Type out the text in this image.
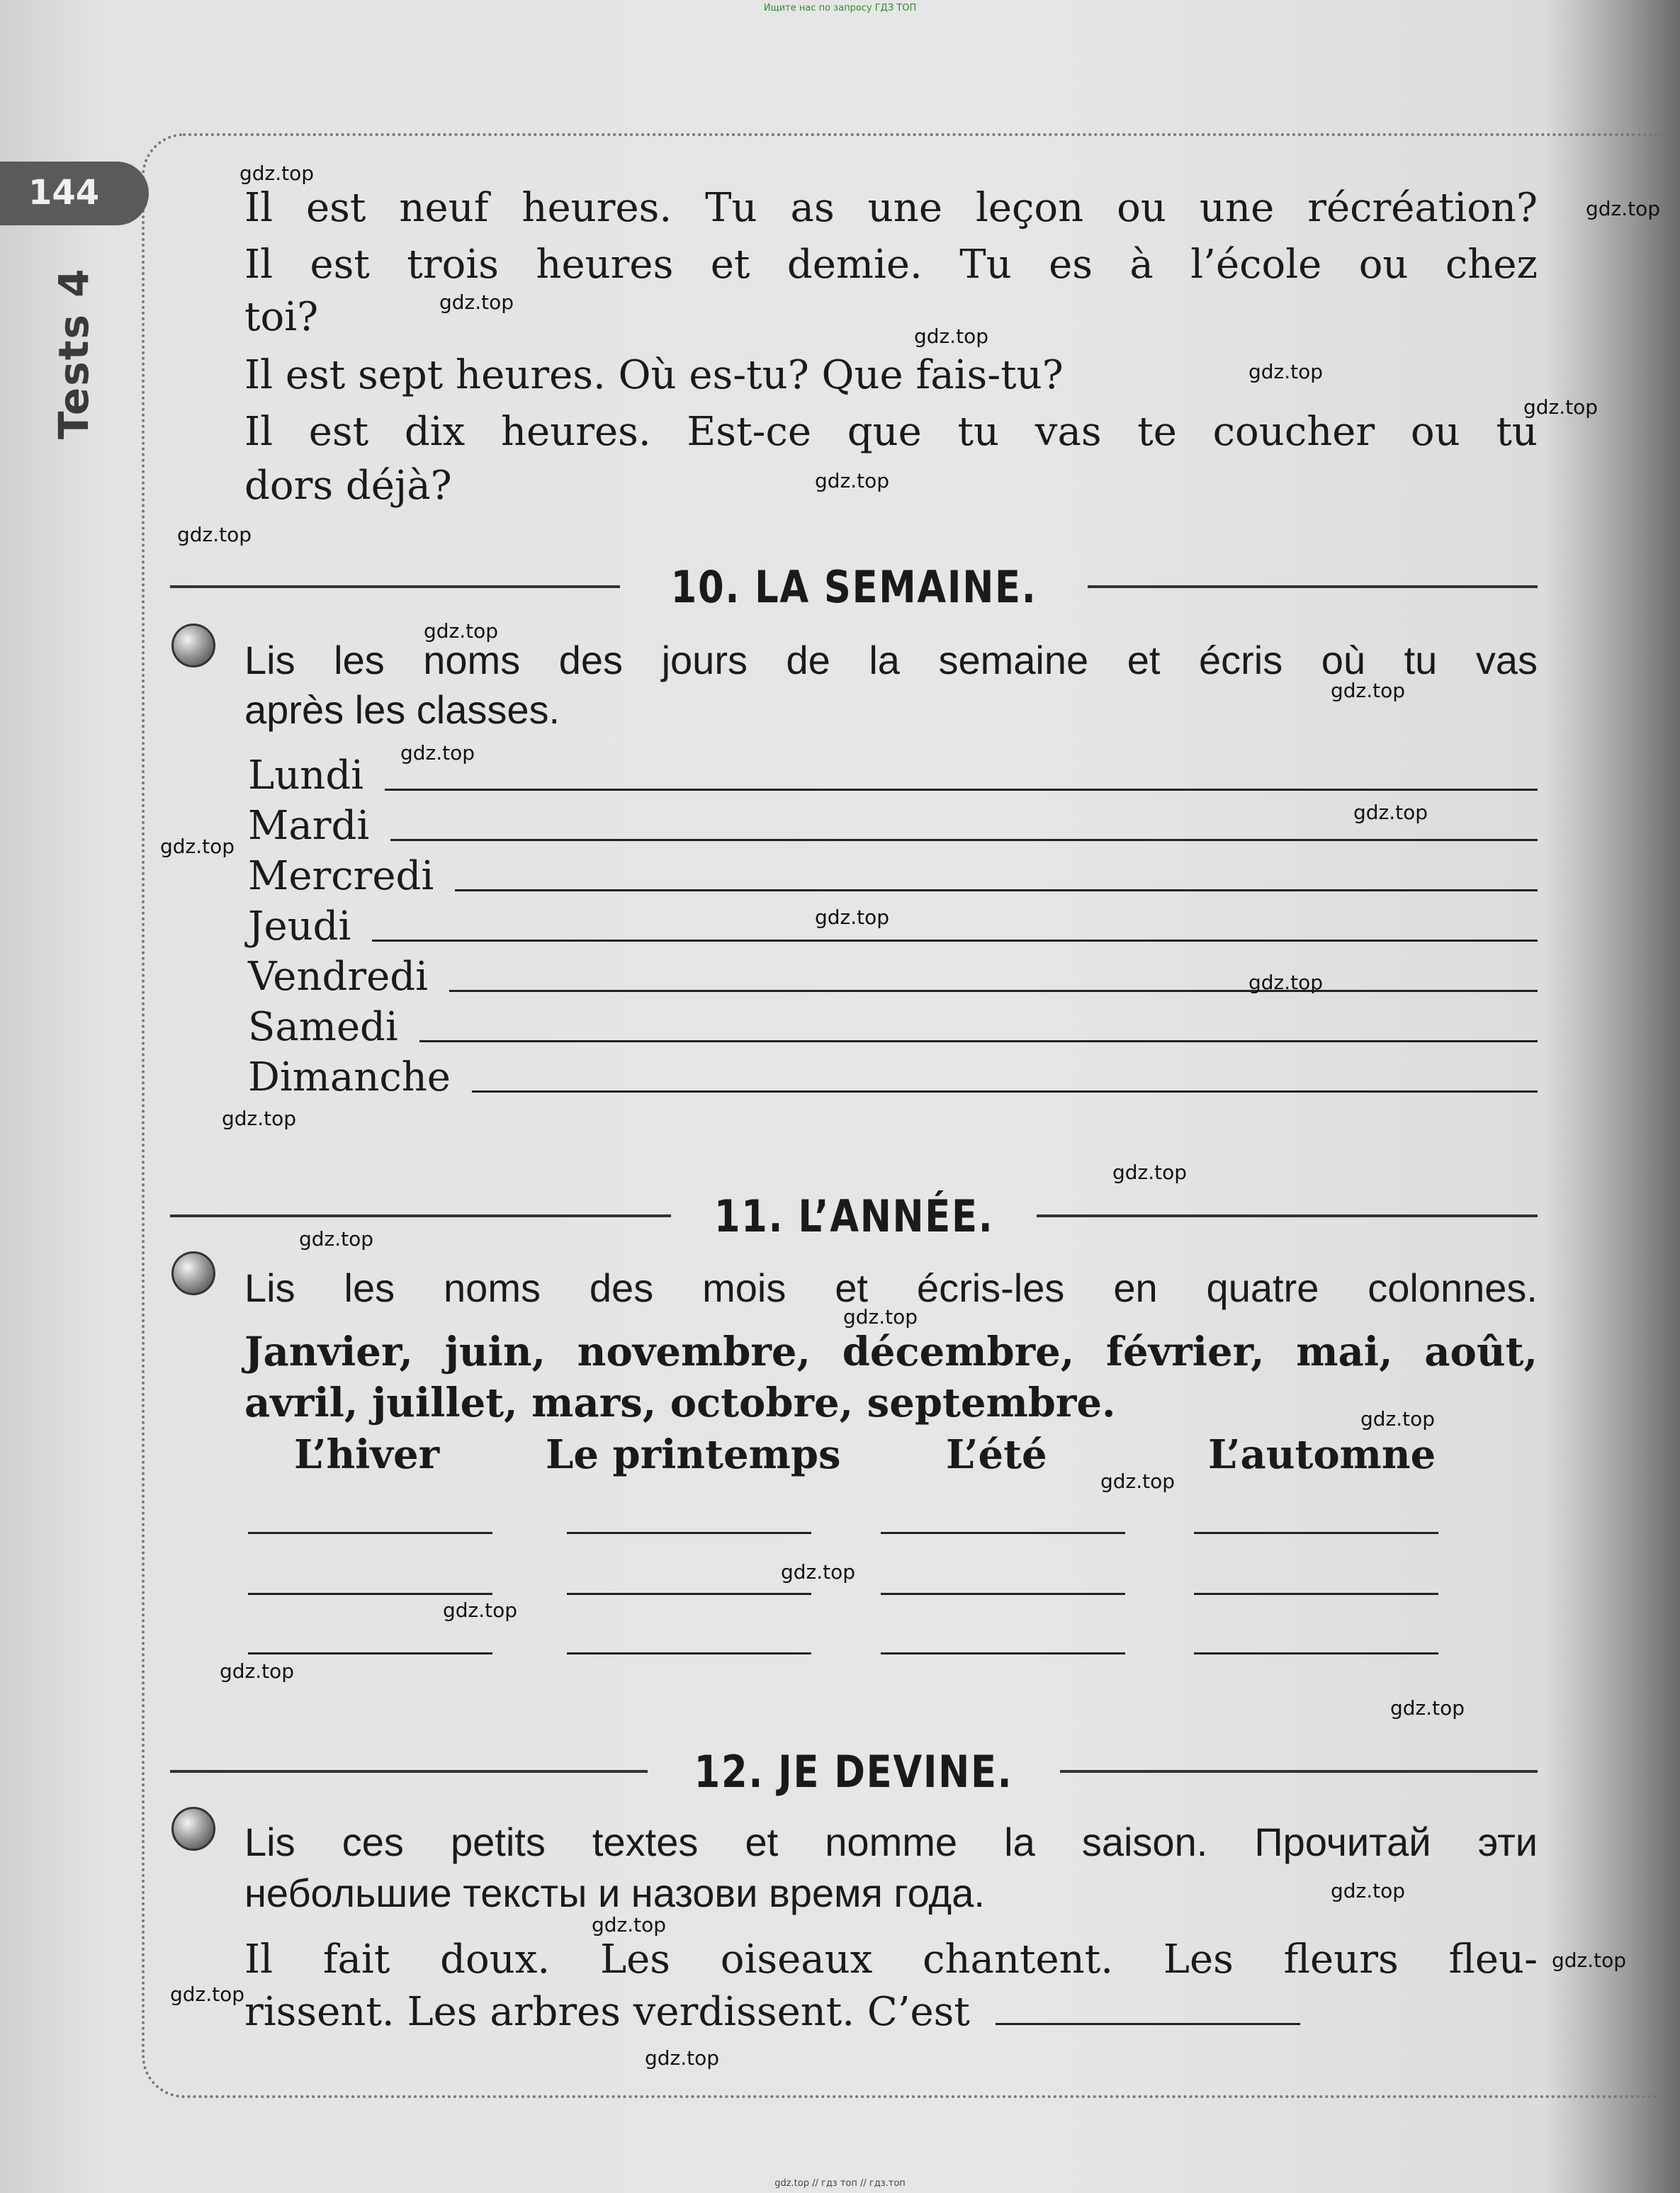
Ищите нас по запросу ГДЗ ТОП
144
Tests 4
Il est neuf heures. Tu as une leçon ou une récréation?
Il est trois heures et demie. Tu es à l’école ou chez
toi?
Il est sept heures. Où es-tu? Que fais-tu?
Il est dix heures. Est-ce que tu vas te coucher ou tu
dors déjà?
10. LA SEMAINE.
Lis les noms des jours de la semaine et écris où tu vas
après les classes.
Lundi
Mardi
Mercredi
Jeudi
Vendredi
Samedi
Dimanche
11. L’ANNÉE.
Lis les noms des mois et écris-les en quatre colonnes.
Janvier, juin, novembre, décembre, février, mai, août,
avril, juillet, mars, octobre, septembre.
L’hiver	Le printemps	L’été	L’automne
12. JE DEVINE.
Lis ces petits textes et nomme la saison. Прочитай эти
небольшие тексты и назови время года.
Il fait doux. Les oiseaux chantent. Les fleurs fleu-
rissent. Les arbres verdissent. C’est
gdz.top
gdz.top
gdz.top
gdz.top
gdz.top
gdz.top
gdz.top
gdz.top
gdz.top
gdz.top
gdz.top
gdz.top
gdz.top
gdz.top
gdz.top
gdz.top
gdz.top
gdz.top
gdz.top
gdz.top
gdz.top
gdz.top
gdz.top
gdz.top
gdz.top
gdz.top
gdz.top
gdz.top
gdz.top
gdz.top
gdz.top // гдз топ // гдз.топ
